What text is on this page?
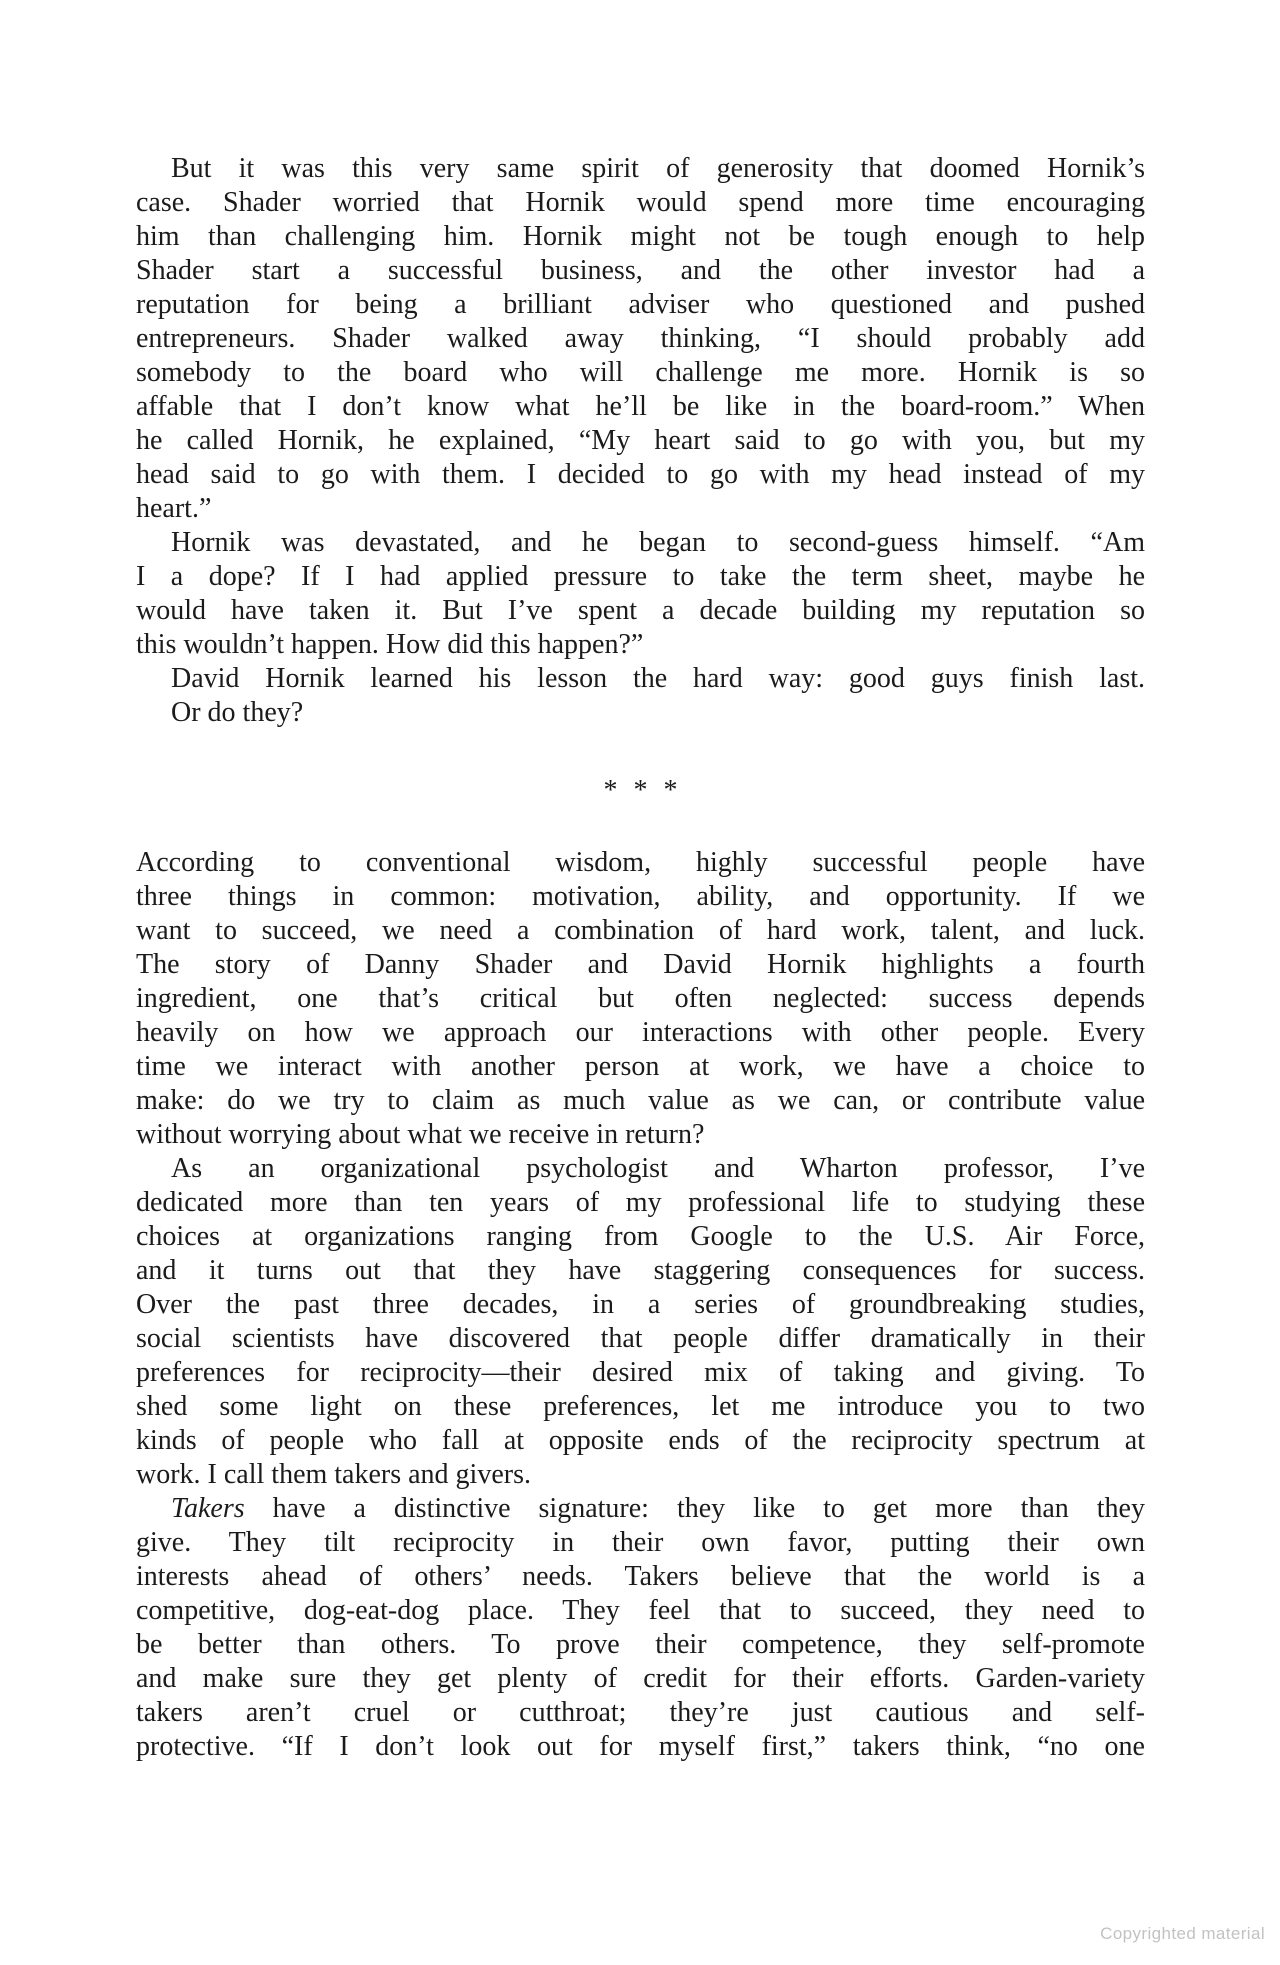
But it was this very same spirit of generosity that doomed Hornik’s
case. Shader worried that Hornik would spend more time encouraging
him than challenging him. Hornik might not be tough enough to help
Shader start a successful business, and the other investor had a
reputation for being a brilliant adviser who questioned and pushed
entrepreneurs. Shader walked away thinking, “I should probably add
somebody to the board who will challenge me more. Hornik is so
affable that I don’t know what he’ll be like in the board-room.” When
he called Hornik, he explained, “My heart said to go with you, but my
head said to go with them. I decided to go with my head instead of my
heart.”
Hornik was devastated, and he began to second-guess himself. “Am
I a dope? If I had applied pressure to take the term sheet, maybe he
would have taken it. But I’ve spent a decade building my reputation so
this wouldn’t happen. How did this happen?”
David Hornik learned his lesson the hard way: good guys finish last.
Or do they?
* * *
According to conventional wisdom, highly successful people have
three things in common: motivation, ability, and opportunity. If we
want to succeed, we need a combination of hard work, talent, and luck.
The story of Danny Shader and David Hornik highlights a fourth
ingredient, one that’s critical but often neglected: success depends
heavily on how we approach our interactions with other people. Every
time we interact with another person at work, we have a choice to
make: do we try to claim as much value as we can, or contribute value
without worrying about what we receive in return?
As an organizational psychologist and Wharton professor, I’ve
dedicated more than ten years of my professional life to studying these
choices at organizations ranging from Google to the U.S. Air Force,
and it turns out that they have staggering consequences for success.
Over the past three decades, in a series of groundbreaking studies,
social scientists have discovered that people differ dramatically in their
preferences for reciprocity—their desired mix of taking and giving. To
shed some light on these preferences, let me introduce you to two
kinds of people who fall at opposite ends of the reciprocity spectrum at
work. I call them takers and givers.
Takers have a distinctive signature: they like to get more than they
give. They tilt reciprocity in their own favor, putting their own
interests ahead of others’ needs. Takers believe that the world is a
competitive, dog-eat-dog place. They feel that to succeed, they need to
be better than others. To prove their competence, they self-promote
and make sure they get plenty of credit for their efforts. Garden-variety
takers aren’t cruel or cutthroat; they’re just cautious and self-
protective. “If I don’t look out for myself first,” takers think, “no one
Copyrighted material
